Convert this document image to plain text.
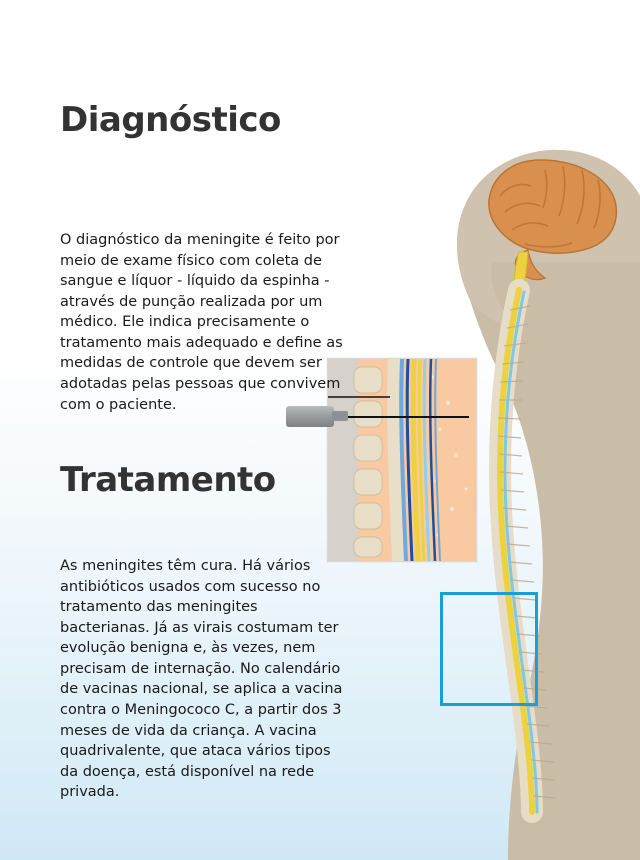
Diagnóstico

O diagnóstico da meningite é feito por meio de exame físico com coleta de sangue e líquor - líquido da espinha - através de punção realizada por um médico. Ele indica precisamente o tratamento mais adequado e define as medidas de controle que devem ser adotadas pelas pessoas que convivem com o paciente.

Tratamento

As meningites têm cura. Há vários antibióticos usados com sucesso no tratamento das meningites bacterianas. Já as virais costumam ter evolução benigna e, às vezes, nem precisam de internação. No calendário de vacinas nacional, se aplica a vacina contra o Meningococo C, a partir dos 3 meses de vida da criança. A vacina quadrivalente, que ataca vários tipos da doença, está disponível na rede privada.
